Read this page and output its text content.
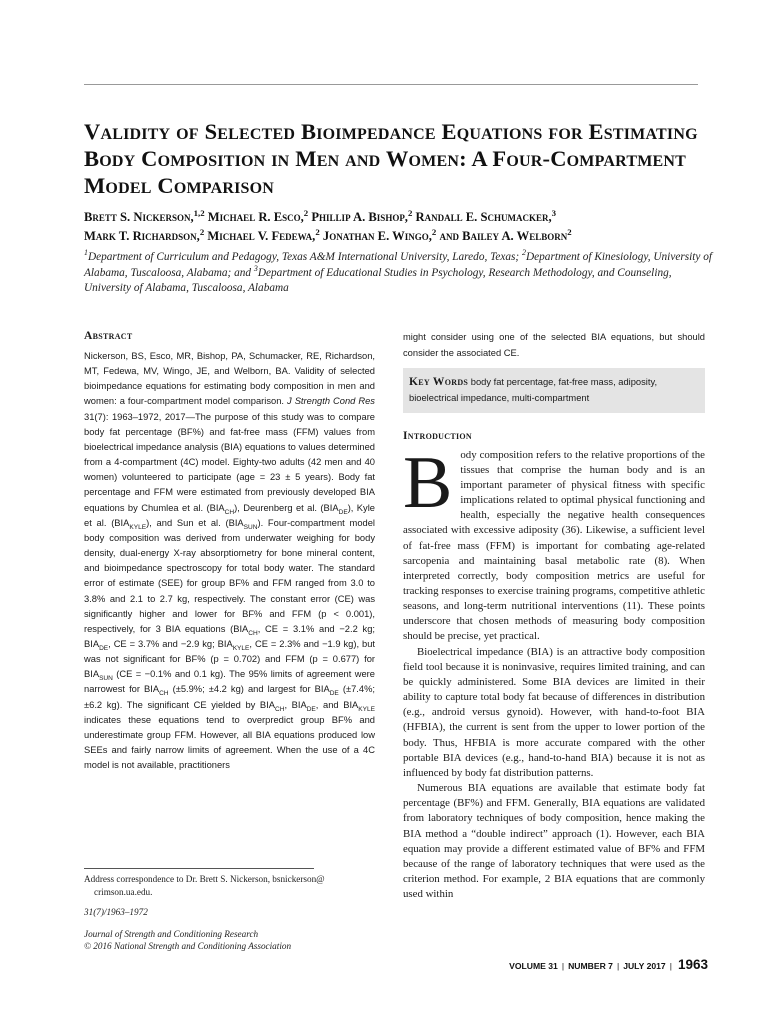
Validity of Selected Bioimpedance Equations for Estimating Body Composition in Men and Women: A Four-Compartment Model Comparison

Brett S. Nickerson,$^{1,2}$ Michael R. Esco,$^2$ Phillip A. Bishop,$^2$ Randall E. Schumacker,$^3$
Mark T. Richardson,$^2$ Michael V. Fedewa,$^2$ Jonathan E. Wingo,$^2$ and Bailey A. Welborn$^2$

$^1$Department of Curriculum and Pedagogy, Texas A&M International University, Laredo, Texas; $^2$Department of Kinesiology, University of Alabama, Tuscaloosa, Alabama; and $^3$Department of Educational Studies in Psychology, Research Methodology, and Counseling, University of Alabama, Tuscaloosa, Alabama

Abstract

Nickerson, BS, Esco, MR, Bishop, PA, Schumacker, RE, Richardson, MT, Fedewa, MV, Wingo, JE, and Welborn, BA. Validity of selected bioimpedance equations for estimating body composition in men and women: a four-compartment model comparison. J Strength Cond Res 31(7): 1963–1972, 2017—The purpose of this study was to compare body fat percentage (BF%) and fat-free mass (FFM) values from bioelectrical impedance analysis (BIA) equations to values determined from a 4-compartment (4C) model. Eighty-two adults (42 men and 40 women) volunteered to participate (age = 23 ± 5 years). Body fat percentage and FFM were estimated from previously developed BIA equations by Chumlea et al. $(BIA_{CH})$, Deurenberg et al. $(BIA_{DE})$, Kyle et al. $(BIA_{KYLE})$, and Sun et al. $(BIA_{SUN})$. Four-compartment model body composition was derived from underwater weighing for body density, dual-energy X-ray absorptiometry for bone mineral content, and bioimpedance spectroscopy for total body water. The standard error of estimate (SEE) for group BF% and FFM ranged from 3.0 to 3.8% and 2.1 to 2.7 kg, respectively. The constant error (CE) was significantly higher and lower for BF% and FFM (p < 0.001), respectively, for 3 BIA equations ($BIA_{CH}$, CE = 3.1% and −2.2 kg; $BIA_{DE}$, CE = 3.7% and −2.9 kg; $BIA_{KYLE}$, CE = 2.3% and −1.9 kg), but was not significant for BF% (p = 0.702) and FFM (p = 0.677) for $BIA_{SUN}$ (CE = −0.1% and 0.1 kg). The 95% limits of agreement were narrowest for $BIA_{CH}$ (±5.9%; ±4.2 kg) and largest for $BIA_{DE}$ (±7.4%; ±6.2 kg). The significant CE yielded by $BIA_{CH}$, $BIA_{DE}$, and $BIA_{KYLE}$ indicates these equations tend to overpredict group BF% and underestimate group FFM. However, all BIA equations produced low SEEs and fairly narrow limits of agreement. When the use of a 4C model is not available, practitioners

Address correspondence to Dr. Brett S. Nickerson, bsnickerson@
crimson.ua.edu.

31(7)/1963–1972

Journal of Strength and Conditioning Research

© 2016 National Strength and Conditioning Association

might consider using one of the selected BIA equations, but should consider the associated CE.

Key Words body fat percentage, fat-free mass, adiposity, bioelectrical impedance, multi-compartment

Introduction

Body composition refers to the relative proportions of the tissues that comprise the human body and is an important parameter of physical fitness with specific implications related to optimal physical functioning and health, especially the negative health consequences associated with excessive adiposity (36). Likewise, a sufficient level of fat-free mass (FFM) is important for combating age-related sarcopenia and maintaining basal metabolic rate (8). When interpreted correctly, body composition metrics are useful for tracking responses to exercise training programs, competitive athletic seasons, and long-term nutritional interventions (11). These points underscore that chosen methods of measuring body composition should be precise, yet practical.

Bioelectrical impedance (BIA) is an attractive body composition field tool because it is noninvasive, requires limited training, and can be quickly administered. Some BIA devices are limited in their ability to capture total body fat because of differences in distribution (e.g., android versus gynoid). However, with hand-to-foot BIA (HFBIA), the current is sent from the upper to lower portion of the body. Thus, HFBIA is more accurate compared with the other portable BIA devices (e.g., hand-to-hand BIA) because it is not as influenced by body fat distribution patterns.

Numerous BIA equations are available that estimate body fat percentage (BF%) and FFM. Generally, BIA equations are validated from laboratory techniques of body composition, hence making the BIA method a “double indirect” approach (1). However, each BIA equation may provide a different estimated value of BF% and FFM because of the range of laboratory techniques that were used as the criterion method. For example, 2 BIA equations that are commonly used within

VOLUME 31 | NUMBER 7 | JULY 2017 | 1963
